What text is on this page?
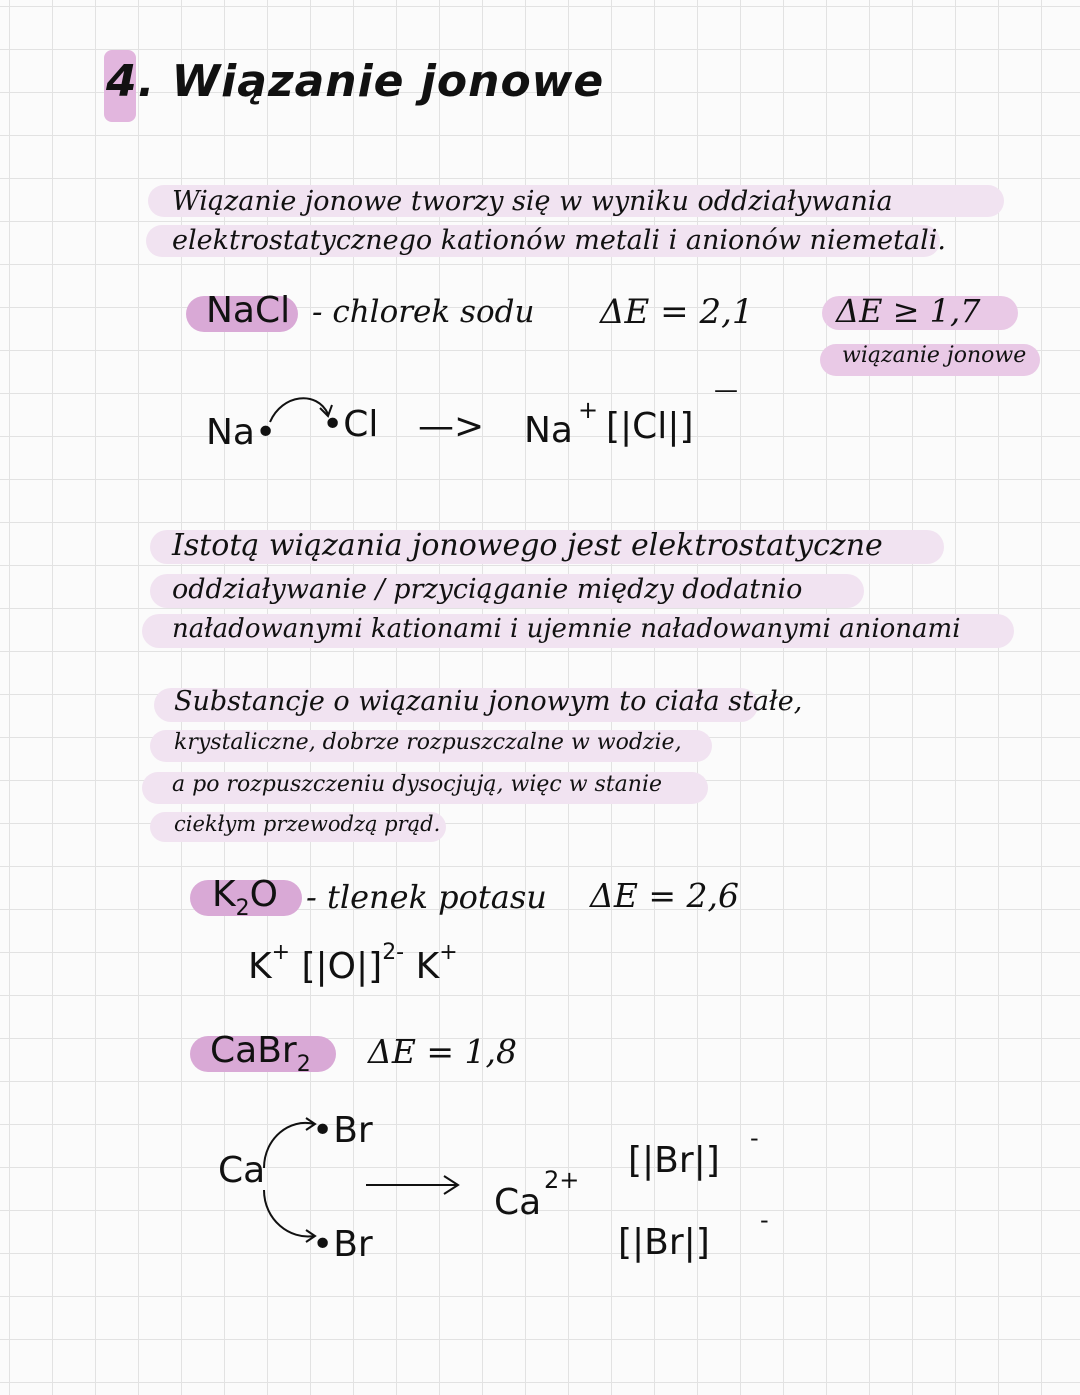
4. Wiązanie jonowe
Wiązanie jonowe tworzy się w wyniku oddziaływania
elektrostatycznego kationów metali i anionów niemetali.
NaCl - chlorek sodu ΔE = 2,1	ΔE ≥ 1,7
wiązanie jonowe
Na• •Cl —> Na + [|Cl|]
—
Istotą wiązania jonowego jest elektrostatyczne
oddziaływanie / przyciąganie między dodatnio
naładowanymi kationami i ujemnie naładowanymi anionami
Substancje o wiązaniu jonowym to ciała stałe,
krystaliczne, dobrze rozpuszczalne w wodzie,
a po rozpuszczeniu dysocjują, więc w stanie
ciekłym przewodzą prąd.
K2O - tlenek potasu ΔE = 2,6
K+ $[|O|]^{2-}$ K+
CaBr2 ΔE = 1,8
Ca
•Br
•Br
Ca
2+ [|Br|]
-
[|Br|]
-
